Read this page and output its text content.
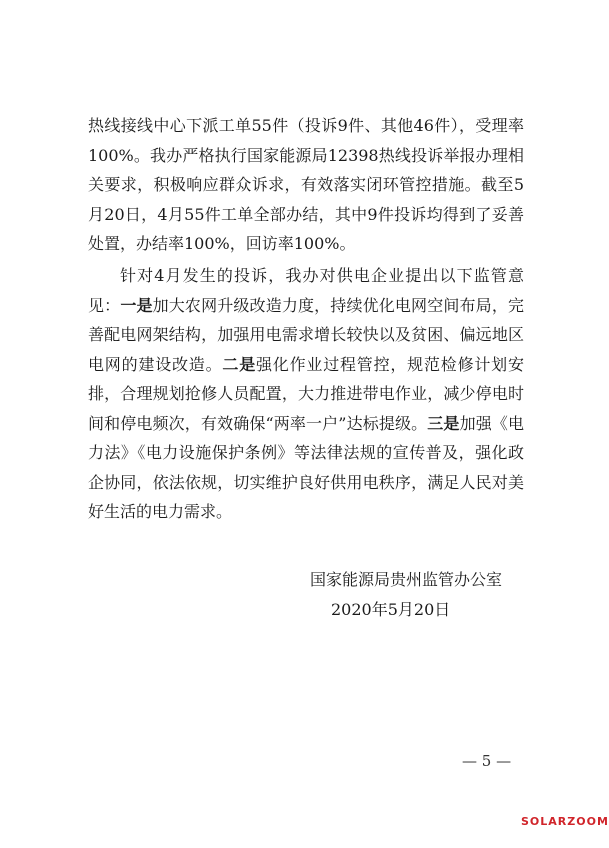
热线接线中心下派工单55件（投诉9件、其他46件），受理率100%。我办严格执行国家能源局12398热线投诉举报办理相关要求，积极响应群众诉求，有效落实闭环管控措施。截至5月20日，4月55件工单全部办结，其中9件投诉均得到了妥善处置，办结率100%，回访率100%。
针对4月发生的投诉，我办对供电企业提出以下监管意见：一是加大农网升级改造力度，持续优化电网空间布局，完善配电网架结构，加强用电需求增长较快以及贫困、偏远地区电网的建设改造。二是强化作业过程管控，规范检修计划安排，合理规划抢修人员配置，大力推进带电作业，减少停电时间和停电频次，有效确保“两率一户”达标提级。三是加强《电力法》《电力设施保护条例》等法律法规的宣传普及，强化政企协同，依法依规，切实维护良好供用电秩序，满足人民对美好生活的电力需求。
国家能源局贵州监管办公室
2020年5月20日
— 5 —
SOLARZOOM
